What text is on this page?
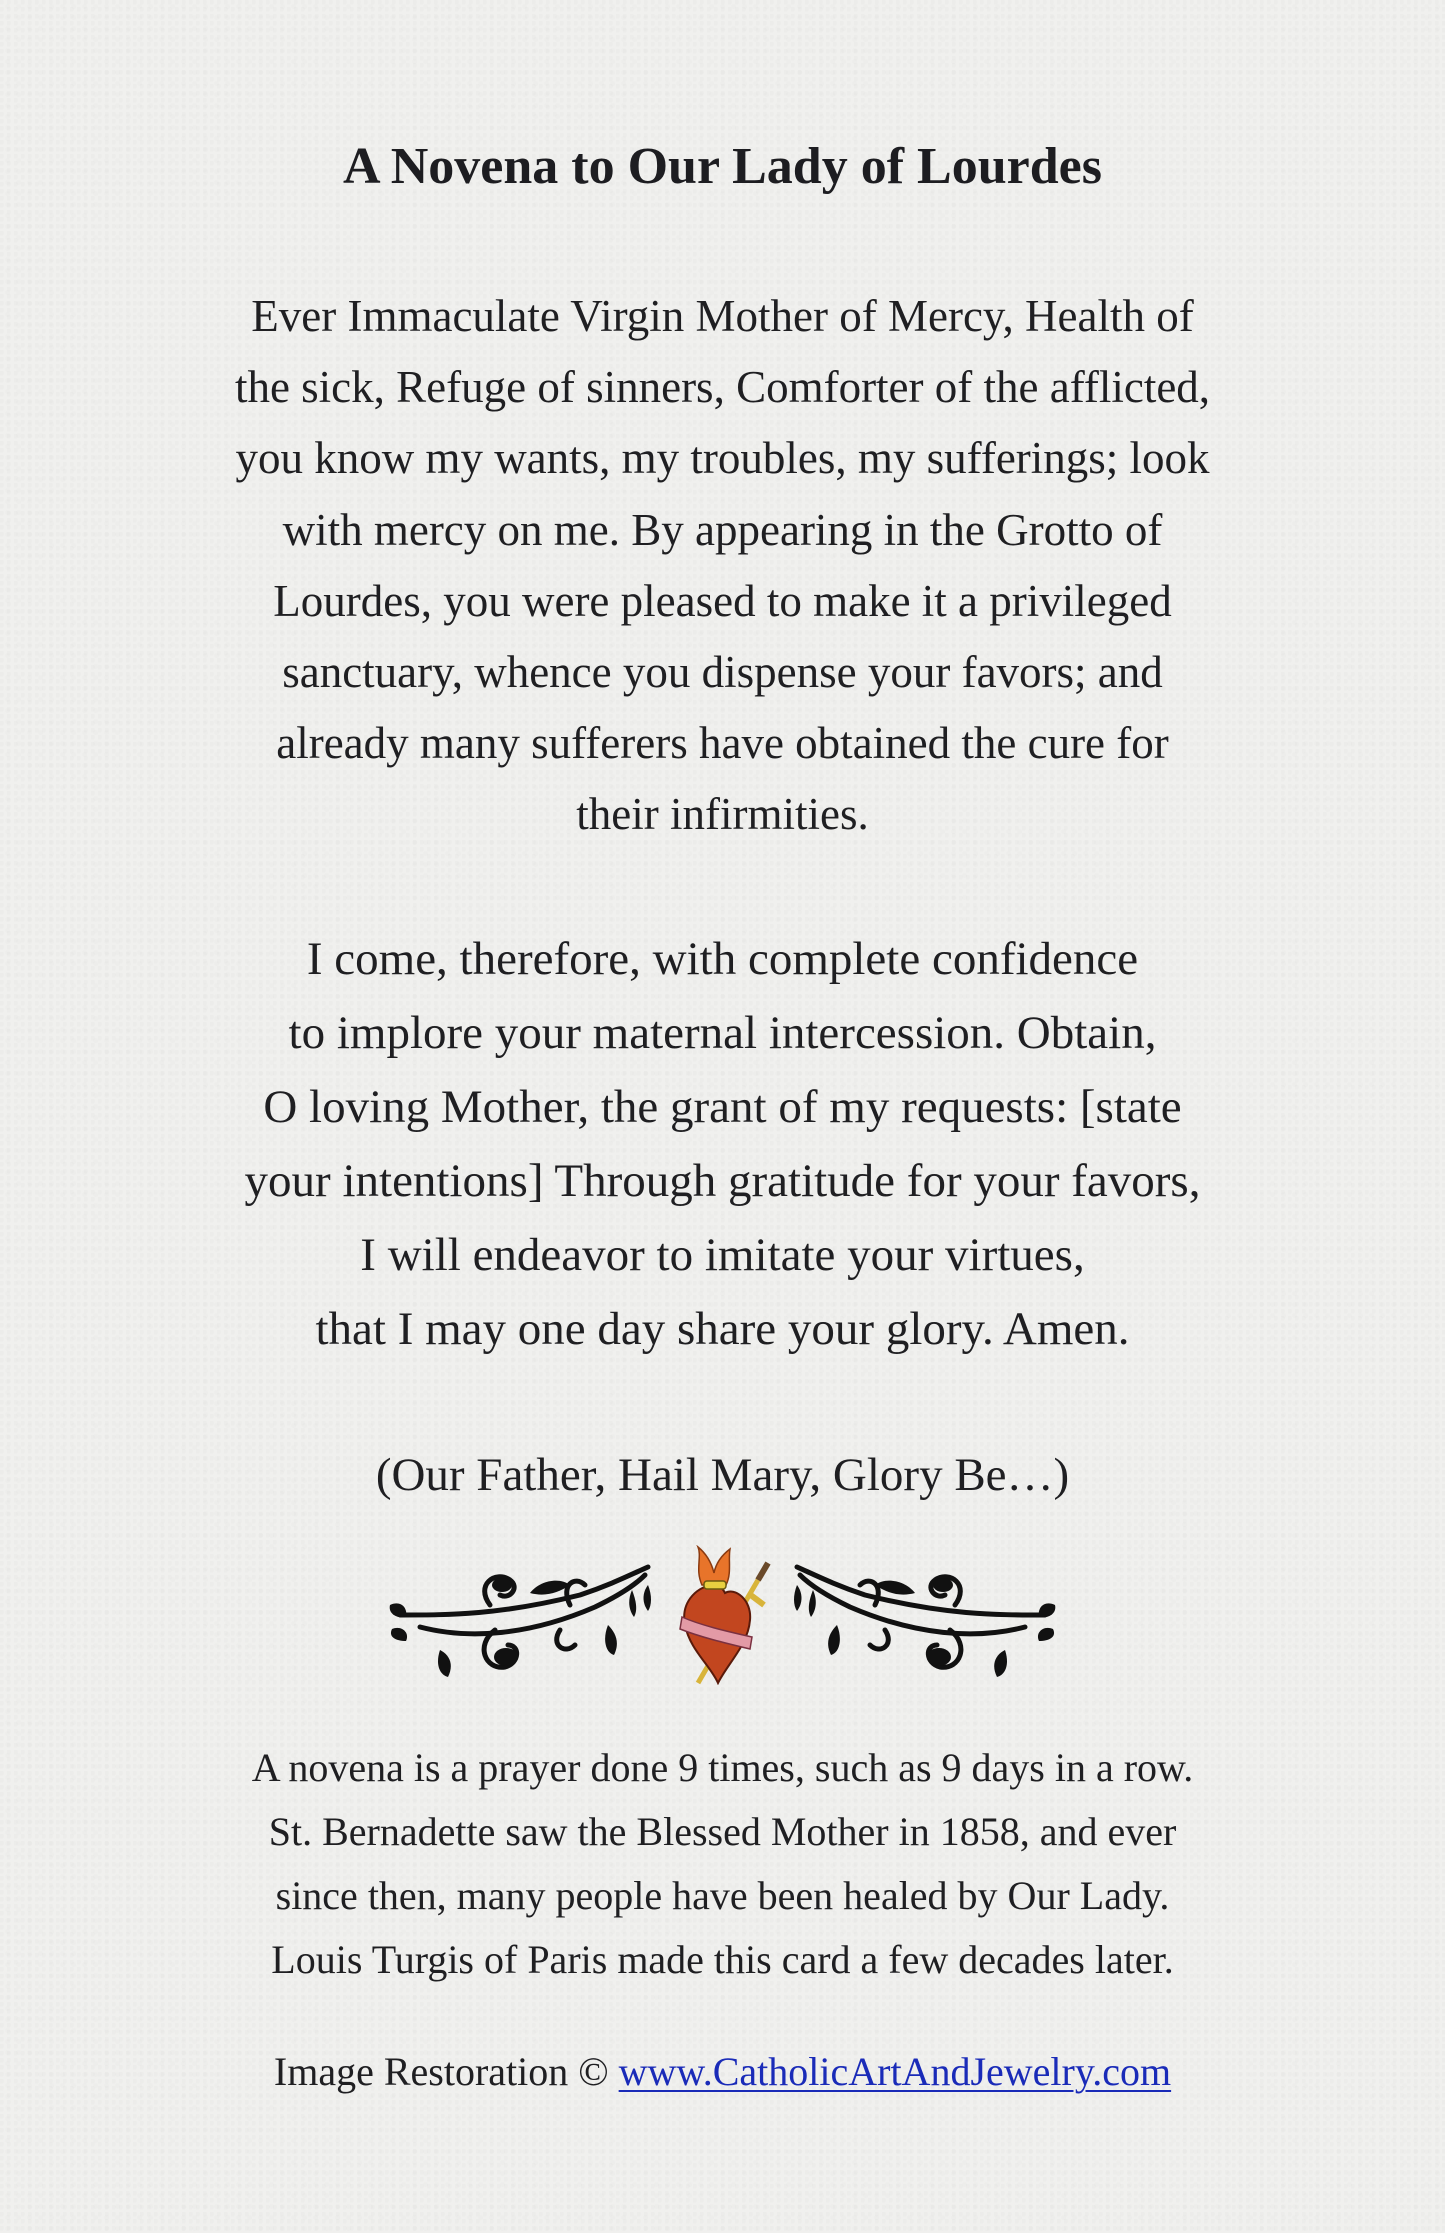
A Novena to Our Lady of Lourdes

Ever Immaculate Virgin Mother of Mercy, Health of
the sick, Refuge of sinners, Comforter of the afflicted,
you know my wants, my troubles, my sufferings; look
with mercy on me. By appearing in the Grotto of
Lourdes, you were pleased to make it a privileged
sanctuary, whence you dispense your favors; and
already many sufferers have obtained the cure for
their infirmities.

I come, therefore, with complete confidence
to implore your maternal intercession. Obtain,
O loving Mother, the grant of my requests: [state
your intentions] Through gratitude for your favors,
I will endeavor to imitate your virtues,
that I may one day share your glory. Amen.

(Our Father, Hail Mary, Glory Be…)

A novena is a prayer done 9 times, such as 9 days in a row.
St. Bernadette saw the Blessed Mother in 1858, and ever
since then, many people have been healed by Our Lady.
Louis Turgis of Paris made this card a few decades later.

Image Restoration © www.CatholicArtAndJewelry.com
